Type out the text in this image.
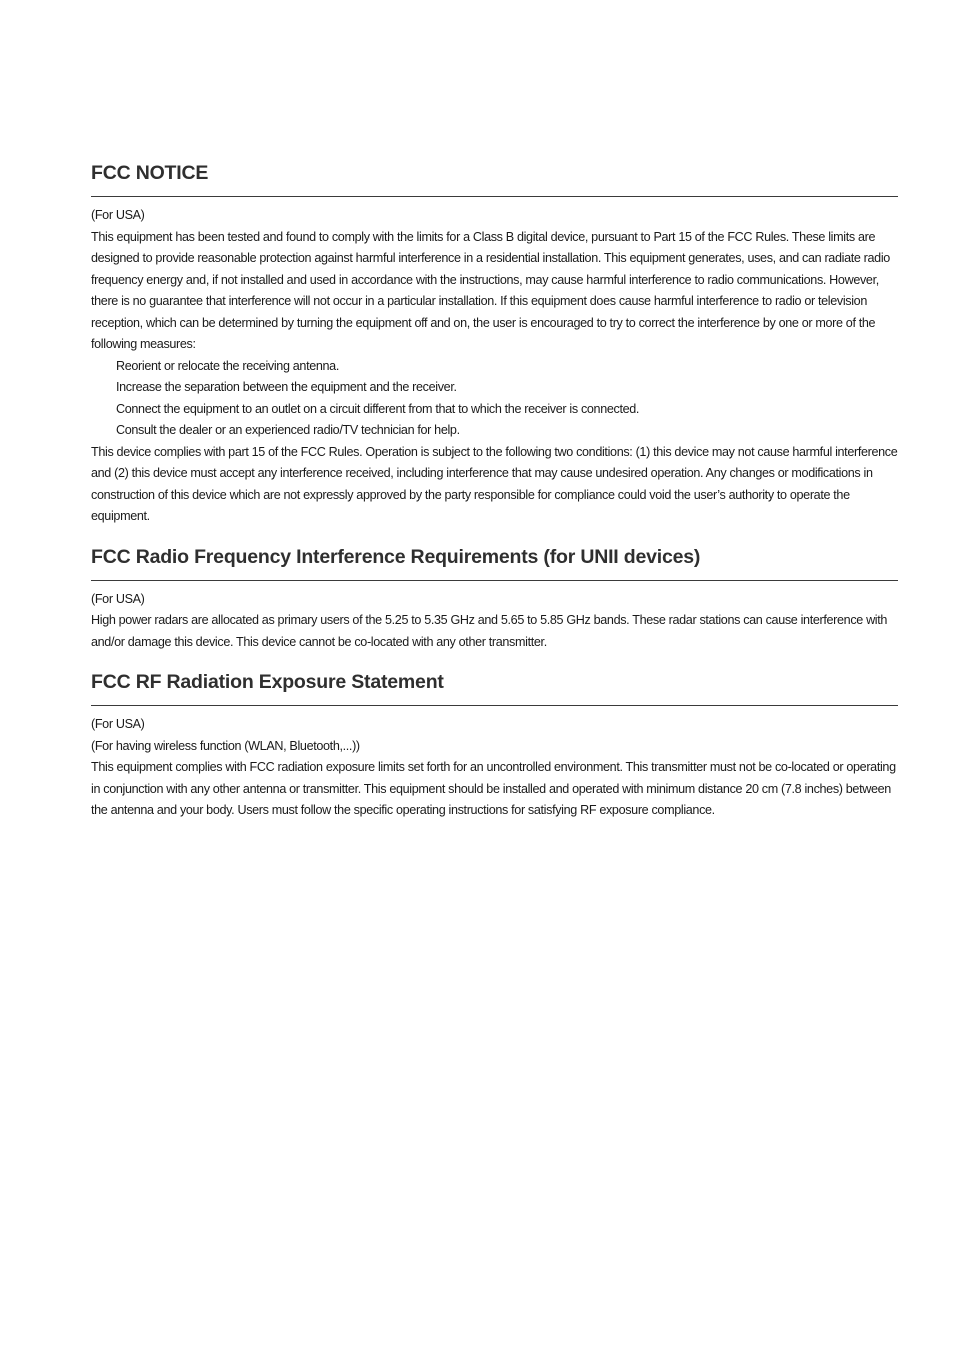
FCC NOTICE

(For USA)

This equipment has been tested and found to comply with the limits for a Class B digital device, pursuant to Part 15 of the FCC Rules. These limits are designed to provide reasonable protection against harmful interference in a residential installation. This equipment generates, uses, and can radiate radio frequency energy and, if not installed and used in accordance with the instructions, may cause harmful interference to radio communications. However, there is no guarantee that interference will not occur in a particular installation. If this equipment does cause harmful interference to radio or television reception, which can be determined by turning the equipment off and on, the user is encouraged to try to correct the interference by one or more of the following measures:

Reorient or relocate the receiving antenna.
Increase the separation between the equipment and the receiver.
Connect the equipment to an outlet on a circuit different from that to which the receiver is connected.
Consult the dealer or an experienced radio/TV technician for help.

This device complies with part 15 of the FCC Rules. Operation is subject to the following two conditions: (1) this device may not cause harmful interference and (2) this device must accept any interference received, including interference that may cause undesired operation. Any changes or modifications in construction of this device which are not expressly approved by the party responsible for compliance could void the user’s authority to operate the equipment.

FCC Radio Frequency Interference Requirements (for UNII devices)

(For USA)

High power radars are allocated as primary users of the 5.25 to 5.35 GHz and 5.65 to 5.85 GHz bands. These radar stations can cause interference with and/or damage this device. This device cannot be co-located with any other transmitter.

FCC RF Radiation Exposure Statement

(For USA)

(For having wireless function (WLAN, Bluetooth,...))

This equipment complies with FCC radiation exposure limits set forth for an uncontrolled environment. This transmitter must not be co-located or operating in conjunction with any other antenna or transmitter. This equipment should be installed and operated with minimum distance 20 cm (7.8 inches) between the antenna and your body. Users must follow the specific operating instructions for satisfying RF exposure compliance.
